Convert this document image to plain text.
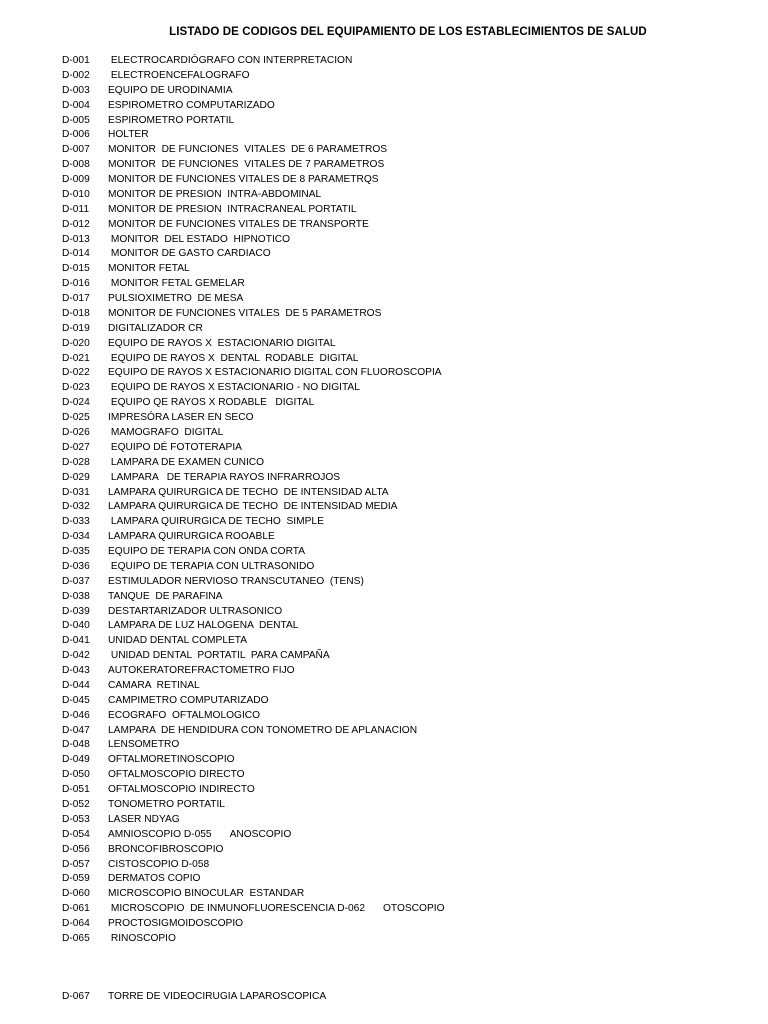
LISTADO DE CODIGOS DEL EQUIPAMIENTO DE LOS ESTABLECIMIENTOS DE SALUD
D-001 ELECTROCARDIÓGRAFO CON INTERPRETACION
D-002 ELECTROENCEFALOGRAFO
D-003 EQUIPO DE URODINAMIA
D-004 ESPIROMETRO COMPUTARIZADO
D-005 ESPIROMETRO PORTATIL
D-006 HOLTER
D-007 MONITOR  DE FUNCIONES  VITALES  DE 6 PARAMETROS
D-008 MONITOR  DE FUNCIONES  VITALES DE 7 PARAMETROS
D-009 MONITOR DE FUNCIONES VITALES DE 8 PARAMETRQS
D-010 MONITOR DE PRESION  INTRA-ABDOMINAL
D-011 MONITOR DE PRESION  INTRACRANEAL PORTATIL
D-012 MONITOR DE FUNCIONES VITALES DE TRANSPORTE
D-013 MONITOR  DEL ESTADO  HIPNOTICO
D-014 MONITOR DE GASTO CARDIACO
D-015 MONITOR FETAL
D-016 MONITOR FETAL GEMELAR
D-017 PULSIOXIMETRO  DE MESA
D-018 MONITOR DE FUNCIONES VITALES  DE 5 PARAMETROS
D-019 DIGITALIZADOR CR
D-020 EQUIPO DE RAYOS X  ESTACIONARIO DIGITAL
D-021 EQUIPO DE RAYOS X  DENTAL  RODABLE  DIGITAL
D-022 EQUIPO DE RAYOS X ESTACIONARIO DIGITAL CON FLUOROSCOPIA
D-023 EQUIPO DE RAYOS X ESTACIONARIO - NO DIGITAL
D-024 EQUIPO QE RAYOS X RODABLE   DIGITAL
D-025 IMPRESÓRA LASER EN SECO
D-026 MAMOGRAFO  DIGITAL
D-027 EQUIPO DÉ FOTOTERAPIA
D-028 LAMPARA DE EXAMEN CUNICO
D-029 LAMPARA   DE TERAPIA RAYOS INFRARROJOS
D-031 LAMPARA QUIRURGICA DE TECHO  DE INTENSIDAD ALTA
D-032 LAMPARA QUIRURGICA DE TECHO  DE INTENSIDAD MEDIA
D-033 LAMPARA QUIRURGICA DE TECHO  SIMPLE
D-034 LAMPARA QUIRURGICA ROOABLE
D-035 EQUIPO DE TERAPIA CON ONDA CORTA
D-036 EQUIPO DE TERAPIA CON ULTRASONIDO
D-037 ESTIMULADOR NERVIOSO TRANSCUTANEO  (TENS)
D-038 TANQUE  DE PARAFINA
D-039 DESTARTARIZADOR ULTRASONICO
D-040 LAMPARA DE LUZ HALOGENA  DENTAL
D-041 UNIDAD DENTAL COMPLETA
D-042 UNIDAD DENTAL  PORTATIL  PARA CAMPAÑA
D-043 AUTOKERATOREFRACTOMETRO FIJO
D-044 CAMARA  RETINAL
D-045 CAMPIMETRO COMPUTARIZADO
D-046 ECOGRAFO  OFTALMOLOGICO
D-047 LAMPARA  DE HENDIDURA CON TONOMETRO DE APLANACION
D-048 LENSOMETRO
D-049 OFTALMORETINOSCOPIO
D-050 OFTALMOSCOPIO DIRECTO
D-051 OFTALMOSCOPIO INDIRECTO
D-052 TONOMETRO PORTATIL
D-053 LASER NDYAG
D-054 AMNIOSCOPIO D-055 ANOSCOPIO
D-056 BRONCOFIBROSCOPIO
D-057 CISTOSCOPIO D-058
D-059 DERMATOS COPIO
D-060 MICROSCOPIO BINOCULAR  ESTANDAR
D-061 MICROSCOPIO  DE INMUNOFLUORESCENCIA D-062 OTOSCOPIO
D-064 PROCTOSIGMOIDOSCOPIO
D-065 RINOSCOPIO
D-067 TORRE DE VIDEOCIRUGIA LAPAROSCOPICA
